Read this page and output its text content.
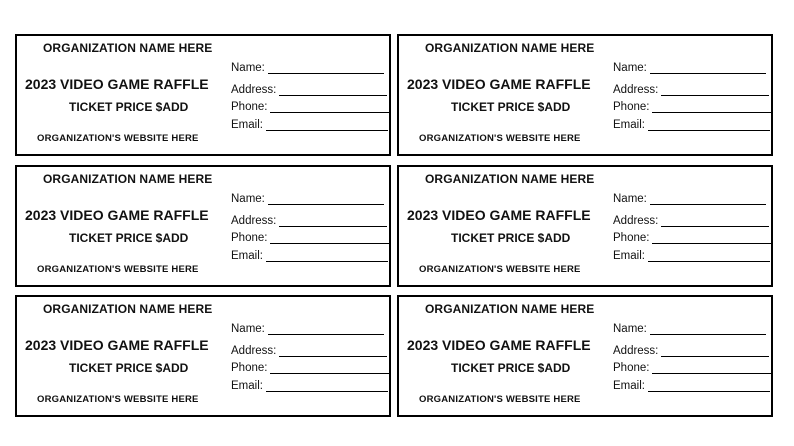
ORGANIZATION NAME HERE
2023 VIDEO GAME RAFFLE
TICKET PRICE $ADD
ORGANIZATION'S WEBSITE HERE
Name:
Address:
Phone:
Email:
ORGANIZATION NAME HERE
2023 VIDEO GAME RAFFLE
TICKET PRICE $ADD
ORGANIZATION'S WEBSITE HERE
Name:
Address:
Phone:
Email:
ORGANIZATION NAME HERE
2023 VIDEO GAME RAFFLE
TICKET PRICE $ADD
ORGANIZATION'S WEBSITE HERE
Name:
Address:
Phone:
Email:
ORGANIZATION NAME HERE
2023 VIDEO GAME RAFFLE
TICKET PRICE $ADD
ORGANIZATION'S WEBSITE HERE
Name:
Address:
Phone:
Email:
ORGANIZATION NAME HERE
2023 VIDEO GAME RAFFLE
TICKET PRICE $ADD
ORGANIZATION'S WEBSITE HERE
Name:
Address:
Phone:
Email:
ORGANIZATION NAME HERE
2023 VIDEO GAME RAFFLE
TICKET PRICE $ADD
ORGANIZATION'S WEBSITE HERE
Name:
Address:
Phone:
Email:
